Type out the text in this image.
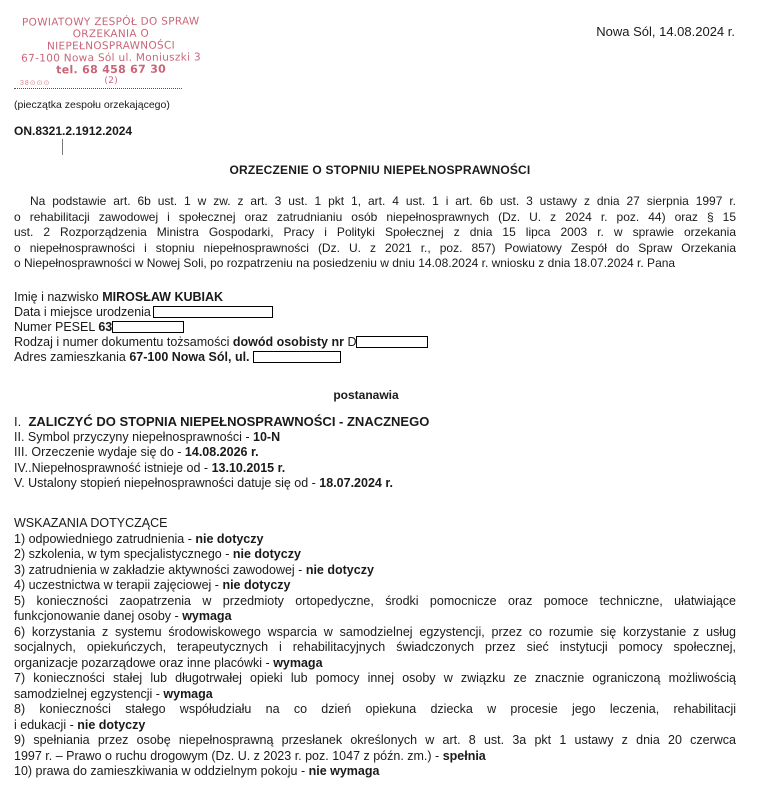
POWIATOWY ZESPÓŁ DO SPRAW
ORZEKANIA O NIEPEŁNOSPRAWNOŚCI
67-100 Nowa Sól ul. Moniuszki 3
tel. 68 458 67 30
(2)
38⊙⊙⊙
(pieczątka zespołu orzekającego)
Nowa Sól, 14.08.2024 r.
ON.8321.2.1912.2024
ORZECZENIE O STOPNIU NIEPEŁNOSPRAWNOŚCI
Na podstawie art. 6b ust. 1 w zw. z art. 3 ust. 1 pkt 1, art. 4 ust. 1 i art. 6b ust. 3 ustawy z dnia 27 sierpnia 1997 r.
o rehabilitacji zawodowej i społecznej oraz zatrudnianiu osób niepełnosprawnych (Dz. U. z 2024 r. poz. 44) oraz § 15
ust. 2 Rozporządzenia Ministra Gospodarki, Pracy i Polityki Społecznej z dnia 15 lipca 2003 r. w sprawie orzekania
o niepełnosprawności i stopniu niepełnosprawności (Dz. U. z 2021 r., poz. 857) Powiatowy Zespół do Spraw Orzekania
o Niepełnosprawności w Nowej Soli, po rozpatrzeniu na posiedzeniu w dniu 14.08.2024 r. wniosku z dnia 18.07.2024 r. Pana
Imię i nazwisko MIROSŁAW KUBIAK
Data i miejsce urodzenia
Numer PESEL 63
Rodzaj i numer dokumentu tożsamości dowód osobisty nr D
Adres zamieszkania 67-100 Nowa Sól, ul.
postanawia
I. ZALICZYĆ DO STOPNIA NIEPEŁNOSPRAWNOŚCI - ZNACZNEGO
II. Symbol przyczyny niepełnosprawności - 10-N
III. Orzeczenie wydaje się do - 14.08.2026 r.
IV..Niepełnosprawność istnieje od - 13.10.2015 r.
V. Ustalony stopień niepełnosprawności datuje się od - 18.07.2024 r.
WSKAZANIA DOTYCZĄCE
1) odpowiedniego zatrudnienia - nie dotyczy
2) szkolenia, w tym specjalistycznego - nie dotyczy
3) zatrudnienia w zakładzie aktywności zawodowej - nie dotyczy
4) uczestnictwa w terapii zajęciowej - nie dotyczy
5) konieczności zaopatrzenia w przedmioty ortopedyczne, środki pomocnicze oraz pomoce techniczne, ułatwiające
funkcjonowanie danej osoby - wymaga
6) korzystania z systemu środowiskowego wsparcia w samodzielnej egzystencji, przez co rozumie się korzystanie z usług
socjalnych, opiekuńczych, terapeutycznych i rehabilitacyjnych świadczonych przez sieć instytucji pomocy społecznej,
organizacje pozarządowe oraz inne placówki - wymaga
7) konieczności stałej lub długotrwałej opieki lub pomocy innej osoby w związku ze znacznie ograniczoną możliwością
samodzielnej egzystencji - wymaga
8) konieczności stałego współudziału na co dzień opiekuna dziecka w procesie jego leczenia, rehabilitacji
i edukacji - nie dotyczy
9) spełniania przez osobę niepełnosprawną przesłanek określonych w art. 8 ust. 3a pkt 1 ustawy z dnia 20 czerwca
1997 r. – Prawo o ruchu drogowym (Dz. U. z 2023 r. poz. 1047 z późn. zm.) - spełnia
10) prawa do zamieszkiwania w oddzielnym pokoju - nie wymaga
